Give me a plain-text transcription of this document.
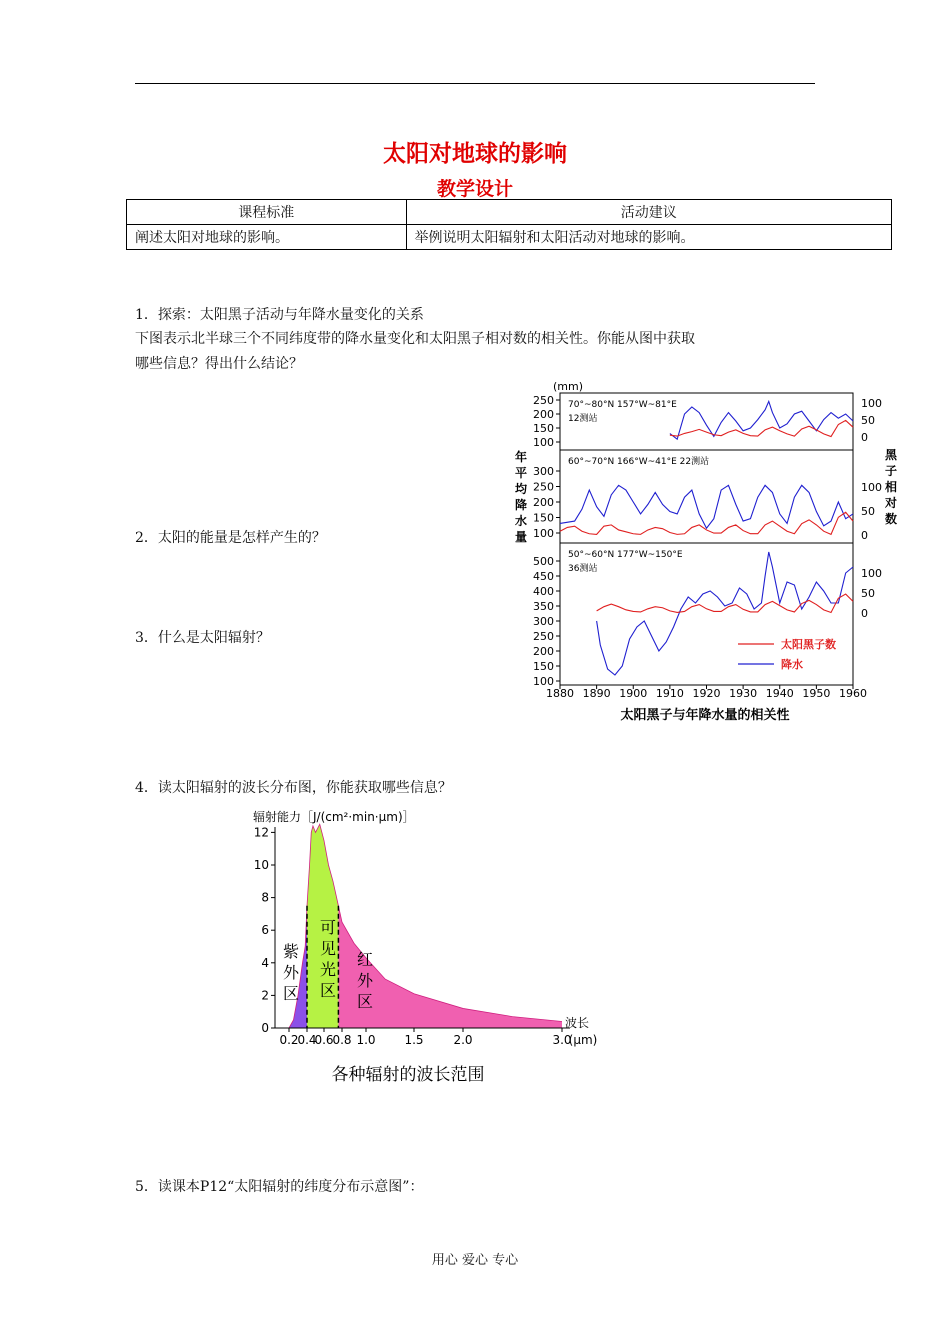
太阳对地球的影响
教学设计
课程标准	活动建议
阐述太阳对地球的影响。	举例说明太阳辐射和太阳活动对地球的影响。
1．探索：太阳黑子活动与年降水量变化的关系
下图表示北半球三个不同纬度带的降水量变化和太阳黑子相对数的相关性。你能从图中获取
哪些信息？得出什么结论？
2．太阳的能量是怎样产生的？
3．什么是太阳辐射？
4．读太阳辐射的波长分布图，你能获取哪些信息？
5．读课本P12“太阳辐射的纬度分布示意图”：
(mm)
太阳黑子与年降水量的相关性
年
平
均
降
水
量
黑
子
相
对
数
70°~80°N 157°W~81°E
12测站
250
200
150
100
100
50
0
60°~70°N 166°W~41°E 22测站
300
250
200
150
100
100
50
0
50°~60°N 177°W~150°E
36测站
500
450
400
350
300
250
200
150
100
100
50
0
1880 1890 1900 1910 1920 1930 1940 1950 1960
太阳黑子数
降水
辐射能力［J/(cm²·min·μm)］
紫
外
区
可
见
光
区
红
外
区
12
10
8
6
4
2
0
0.2
0.4
0.6
0.8 1.0 1.5 2.0	3.0
波长
(μm)
各种辐射的波长范围
用心 爱心 专心
